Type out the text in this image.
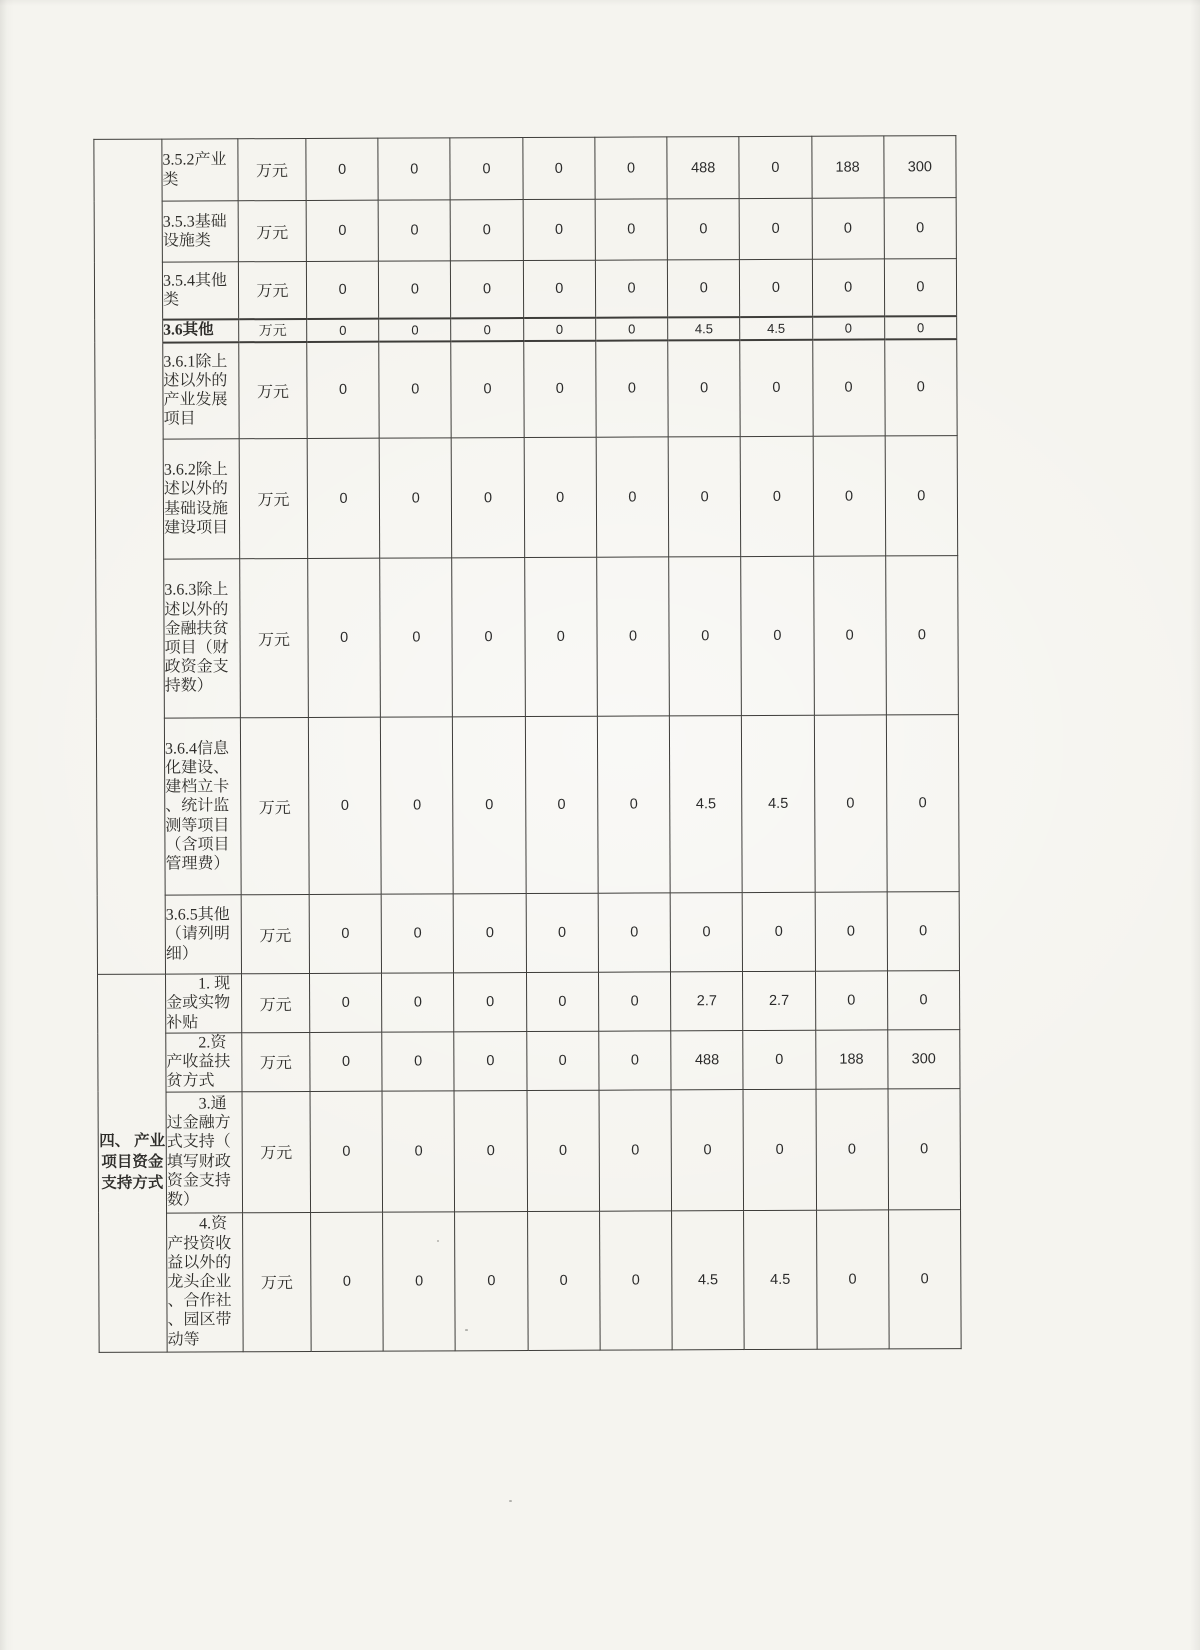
	3.5.2产业类	万元	0	0	0	0	0	488	0	188	300
	3.5.3基础设施类	万元	0	0	0	0	0	0	0	0	0
	3.5.4其他类	万元	0	0	0	0	0	0	0	0	0
	3.6其他	万元	0	0	0	0	0	4.5	4.5	0	0
	3.6.1除上述以外的产业发展项目	万元	0	0	0	0	0	0	0	0	0
	3.6.2除上述以外的基础设施建设项目	万元	0	0	0	0	0	0	0	0	0
	3.6.3除上述以外的金融扶贫项目（财政资金支持数）	万元	0	0	0	0	0	0	0	0	0
	3.6.4信息化建设、建档立卡、统计监测等项目（含项目管理费）	万元	0	0	0	0	0	4.5	4.5	0	0
	3.6.5其他（请列明细）	万元	0	0	0	0	0	0	0	0	0
四、 产业项目资金支持方式	1. 现金或实物补贴	万元	0	0	0	0	0	2.7	2.7	0	0
	2.资产收益扶贫方式	万元	0	0	0	0	0	488	0	188	300
	3.通过金融方式支持（填写财政资金支持数）	万元	0	0	0	0	0	0	0	0	0
	4.资产投资收益以外的龙头企业、合作社、园区带动等	万元	0	0	0	0	0	4.5	4.5	0	0
